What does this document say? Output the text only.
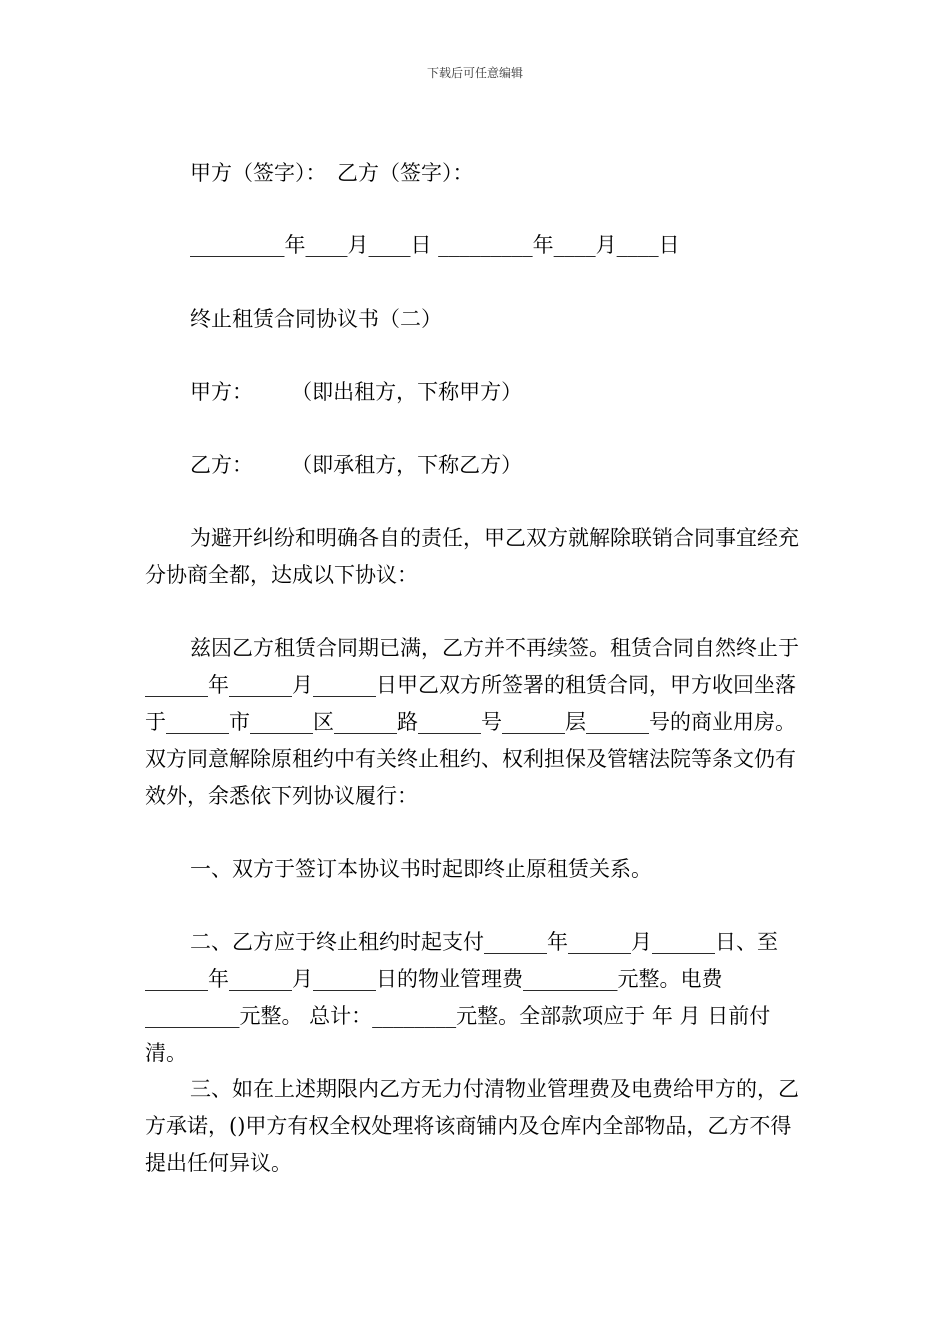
下载后可任意编辑

甲方（签字）：　乙方（签字）：

_________年____月____日 _________年____月____日

终止租赁合同协议书（二）

甲方：　　 （即出租方，下称甲方）

乙方：　　 （即承租方，下称乙方）

为避开纠纷和明确各自的责任，甲乙双方就解除联销合同事宜经充分协商全都，达成以下协议：

兹因乙方租赁合同期已满，乙方并不再续签。租赁合同自然终止于______年______月______日甲乙双方所签署的租赁合同，甲方收回坐落于______市______区______路______号______层______号的商业用房。双方同意解除原租约中有关终止租约、权利担保及管辖法院等条文仍有效外，余悉依下列协议履行：

一、双方于签订本协议书时起即终止原租赁关系。

二、乙方应于终止租约时起支付______年______月______日、至______年______月______日的物业管理费_________元整。电费_________元整。 总计：________元整。全部款项应于 年 月 日前付清。

三、如在上述期限内乙方无力付清物业管理费及电费给甲方的，乙方承诺，()甲方有权全权处理将该商铺内及仓库内全部物品，乙方不得提出任何异议。
